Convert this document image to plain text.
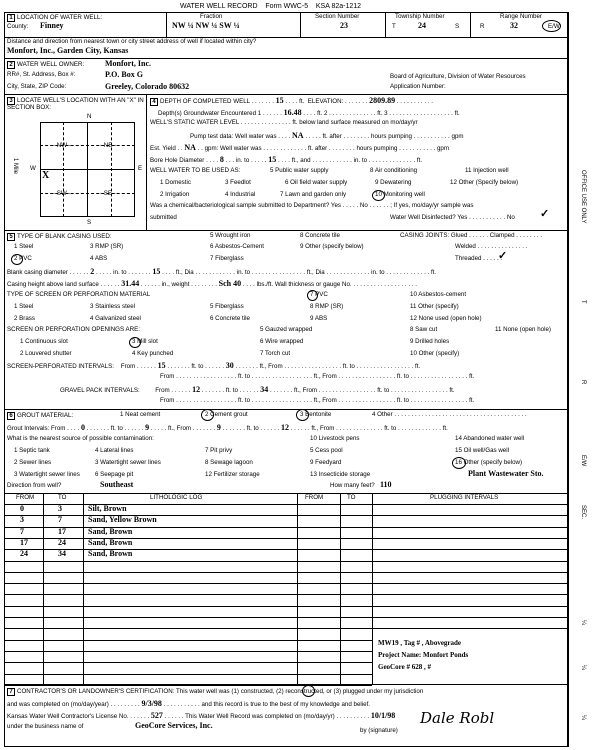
WATER WELL RECORD Form WWC-5 KSA 82a-1212
1 LOCATION OF WATER WELL:
County: Finney
Fraction
NW ¼ NW ¼ SW ¼
Section Number
23
Township Number
T	24	S
Range Number
R	32	E/W
Distance and direction from nearest town or city street address of well if located within city?
Monfort, Inc., Garden City, Kansas
2 WATER WELL OWNER:	Monfort, Inc.
RR#, St. Address, Box #:	P.O. Box G
City, State, ZIP Code:	Greeley, Colorado 80632
Board of Agriculture, Division of Water Resources
Application Number:
3 LOCATE WELL'S LOCATION WITH AN "X" IN SECTION BOX:
N
- NW -	- NE -
- SW -	- SE -
W	E
S
X
1 Mile
4 DEPTH OF COMPLETED WELL . . . . . . . 15 . . . . ft. ELEVATION: . . . . . . . 2809.89 . . . . . . . . . . .
Depth(s) Groundwater Encountered 1 . . . . . . 16.48 . . . . ft. 2 . . . . . . . . . . . . . . ft. 3 . . . . . . . . . . . . . . . . . . . ft.
WELL'S STATIC WATER LEVEL . . . . . . . . . . . . . . . ft. below land surface measured on mo/day/yr
Pump test data: Well water was . . . . NA . . . . . ft. after . . . . . . . . hours pumping . . . . . . . . . . . gpm
Est. Yield . . NA . . gpm: Well water was . . . . . . . . . . . . . ft. after . . . . . . . . hours pumping . . . . . . . . . . . gpm
Bore Hole Diameter . . . . 8 . . . in. to . . . . . 15 . . . . ft., and . . . . . . . . . . . . in. to . . . . . . . . . . . . . . ft.
WELL WATER TO BE USED AS:	5 Public water supply	8 Air conditioning	11 Injection well
1 Domestic	3 Feedlot	6 Oil field water supply	9 Dewatering	12 Other (Specify below)
2 Irrigation	4 Industrial	7 Lawn and garden only	10 Monitoring well
Was a chemical/bacteriological sample submitted to Department? Yes . . . . . No . . . . . . ; If yes, mo/day/yr sample was
submitted	Water Well Disinfected? Yes . . . . . . . . . . . No ✓
5 TYPE OF BLANK CASING USED:	5 Wrought iron	8 Concrete tile	CASING JOINTS: Glued . . . . . . Clamped . . . . . . . .
1 Steel	3 RMP (SR)	6 Asbestos-Cement	9 Other (specify below)	Welded . . . . . . . . . . . . . . .
2 PVC	4 ABS	7 Fiberglass	Threaded . . . . . .
✓
Blank casing diameter . . . . . . 2 . . . . . in. to . . . . . . . 15 . . . . ft., Dia . . . . . . . . . . . . in. to . . . . . . . . . . . . . . . . ft., Dia . . . . . . . . . . . . . in. to . . . . . . . . . . . . . ft.
Casing height above land surface . . . . . . 31.44 . . . . . . in., weight . . . . . . . . Sch 40 . . . . lbs./ft. Wall thickness or gauge No. . . . . . . . . . . . . . . . . . . .
TYPE OF SCREEN OR PERFORATION MATERIAL	7 PVC	10 Asbestos-cement
1 Steel	3 Stainless steel	5 Fiberglass	8 RMP (SR)	11 Other (specify)
2 Brass	4 Galvanized steel	6 Concrete tile	9 ABS	12 None used (open hole)
SCREEN OR PERFORATION OPENINGS ARE:	5 Gauzed wrapped	8 Saw cut	11 None (open hole)
1 Continuous slot	3 Mill slot	6 Wire wrapped	9 Drilled holes
2 Louvered shutter	4 Key punched	7 Torch cut	10 Other (specify)
SCREEN-PERFORATED INTERVALS: From . . . . . . 15 . . . . . . . ft. to . . . . . . 30 . . . . . . . ft., From . . . . . . . . . . . . . . . . . ft. to . . . . . . . . . . . . . . . . . ft.
From . . . . . . . . . . . . . . . . . . ft. to . . . . . . . . . . . . . . . . . . ft., From . . . . . . . . . . . . . . . . . ft. to . . . . . . . . . . . . . . . . . ft.
GRAVEL PACK INTERVALS: From . . . . . . 12 . . . . . . . ft. to . . . . . . 34 . . . . . . . ft., From . . . . . . . . . . . . . . . . . ft. to . . . . . . . . . . . . . . . . . ft.
From . . . . . . . . . . . . . . . . . . ft. to . . . . . . . . . . . . . . . . . . ft., From . . . . . . . . . . . . . . . . . ft. to . . . . . . . . . . . . . . . . . ft.
6 GROUT MATERIAL:	1 Neat cement	2 Cement grout	3 Bentonite	4 Other . . . . . . . . . . . . . . . . . . . . . . . . . . . . . . . . . . . . . . .
Grout Intervals: From . . . . 0 . . . . . . . ft. to . . . . . . 9 . . . . . ft., From . . . . . . . 9 . . . . . . . ft. to . . . . . . 12 . . . . . . ft., From . . . . . . . . . . . . . . ft. to . . . . . . . . . . . . . ft.
What is the nearest source of possible contamination:	10 Livestock pens	14 Abandoned water well
1 Septic tank	4 Lateral lines	7 Pit privy	5 Cess pool	15 Oil well/Gas well
2 Sewer lines	3 Watertight sewer lines	8 Sewage lagoon	9 Feedyard	16 Other (specify below)
3 Watertight sewer lines 6 Seepage pit	12 Fertilizer storage	13 Insecticide storage	Plant Wastewater Sto.
Direction from well?	Southeast	How many feet? 110
FROM	TO	LITHOLOGIC LOG	FROM	TO	PLUGGING INTERVALS
0	3	Silt, Brown
3	7	Sand, Yellow Brown
7	17	Sand, Brown
17	24	Sand, Brown
24	34	Sand, Brown
MW19 , Tag # , Abovegrade
Project Name: Monfort Ponds
GeoCore # 628 , #
7 CONTRACTOR'S OR LANDOWNER'S CERTIFICATION: This water well was (1) constructed, (2) reconstructed, or (3) plugged under my jurisdiction
and was completed on (mo/day/year) . . . . . . . . . 9/3/98 . . . . . . . . . . . and this record is true to the best of my knowledge and belief.
Kansas Water Well Contractor's License No. . . . . . . 527 . . . . . . This Water Well Record was completed on (mo/day/yr) . . . . . . . . . . 10/1/98
under the business name of	GeoCore Services, Inc.
by (signature)
Dale Robl
OFFICE USE ONLY
T
R
E/W
SEC.
¼
¼
¼
